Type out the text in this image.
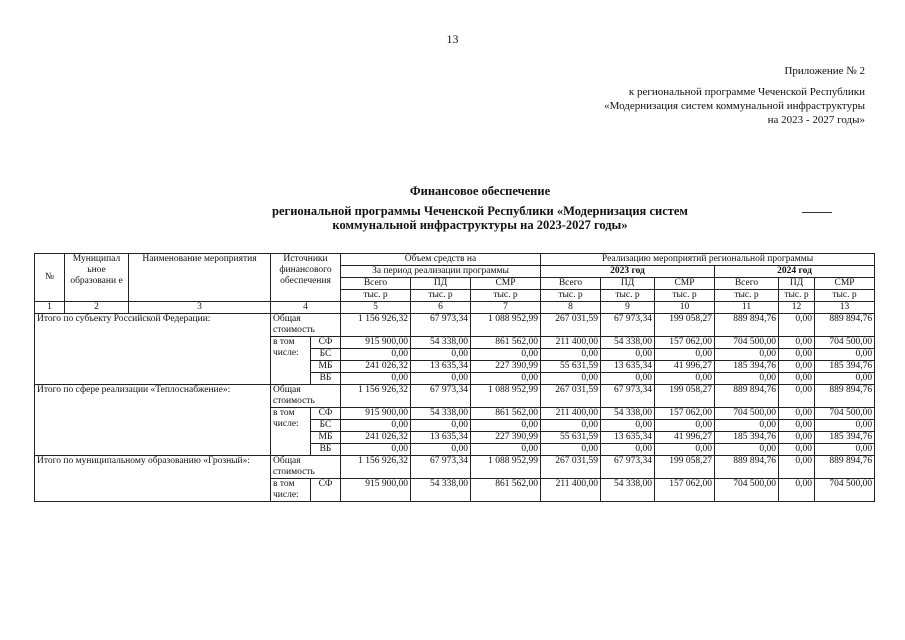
13
Приложение № 2
к региональной программе Чеченской Республики
«Модернизация систем коммунальной инфраструктуры
на 2023 - 2027 годы»
Финансовое обеспечение
региональной программы Чеченской Республики «Модернизация систем
коммунальной инфраструктуры на 2023-2027 годы»
№	Муниципал ьное образовани е	Наименование мероприятия	Источники финансового обеспечения		Объем средств на			Реализацию мероприятий региональной программы					
					За период реализации программы			2023 год			2024 год		
					Всего	ПД	СМР	Всего	ПД	СМР	Всего	ПД	СМР
					тыс. р	тыс. р	тыс. р	тыс. р	тыс. р	тыс. р	тыс. р	тыс. р	тыс. р
1	2	3	4		5	6	7	8	9	10	11	12	13
Итого по субъекту Российской Федерации:			Общая стоимость		1 156 926,32	67 973,34	1 088 952,99	267 031,59	67 973,34	199 058,27	889 894,76	0,00	889 894,76
			в том числе:	СФ	915 900,00	54 338,00	861 562,00	211 400,00	54 338,00	157 062,00	704 500,00	0,00	704 500,00
				БС	0,00	0,00	0,00	0,00	0,00	0,00	0,00	0,00	0,00
				МБ	241 026,32	13 635,34	227 390,99	55 631,59	13 635,34	41 996,27	185 394,76	0,00	185 394,76
				ВБ	0,00	0,00	0,00	0,00	0,00	0,00	0,00	0,00	0,00
Итого по сфере реализации «Теплоснабжение»:			Общая стоимость		1 156 926,32	67 973,34	1 088 952,99	267 031,59	67 973,34	199 058,27	889 894,76	0,00	889 894,76
			в том числе:	СФ	915 900,00	54 338,00	861 562,00	211 400,00	54 338,00	157 062,00	704 500,00	0,00	704 500,00
				БС	0,00	0,00	0,00	0,00	0,00	0,00	0,00	0,00	0,00
				МБ	241 026,32	13 635,34	227 390,99	55 631,59	13 635,34	41 996,27	185 394,76	0,00	185 394,76
				ВБ	0,00	0,00	0,00	0,00	0,00	0,00	0,00	0,00	0,00
Итого по муниципальному образованию «Грозный»:			Общая стоимость		1 156 926,32	67 973,34	1 088 952,99	267 031,59	67 973,34	199 058,27	889 894,76	0,00	889 894,76
			в том числе:	СФ	915 900,00	54 338,00	861 562,00	211 400,00	54 338,00	157 062,00	704 500,00	0,00	704 500,00
